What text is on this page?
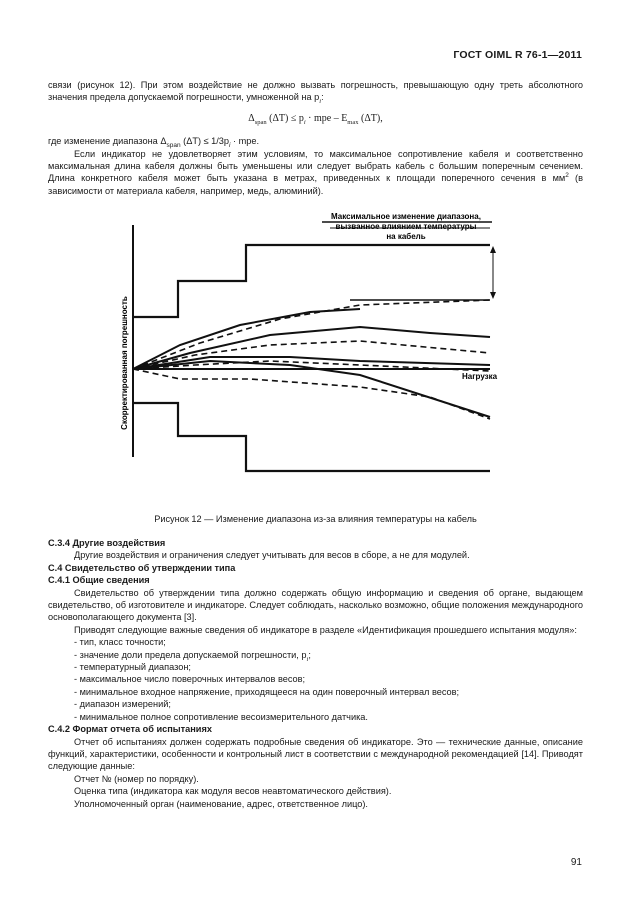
ГОСТ OIML R 76-1—2011

связи (рисунок 12). При этом воздействие не должно вызвать погрешность, превышающую одну треть абсолютного значения предела допускаемой погрешности, умноженной на $p_i$:

$\Delta_{span}$ $(\Delta T) \le p_i$ · mpe – $E_{max}$ (ΔT),

где изменение диапазона $\Delta_{span}$ $(\Delta T) \le 1/3p_i$ · mpe.

Если индикатор не удовлетворяет этим условиям, то максимальное сопротивление кабеля и соответственно максимальная длина кабеля должны быть уменьшены или следует выбрать кабель с большим поперечным сечением. Длина конкретного кабеля может быть указана в метрах, приведенных к площади поперечного сечения в $мм^2$ (в зависимости от материала кабеля, например, медь, алюминий).

Максимальное изменение диапазона,
вызванное влиянием температуры
на кабель
Нагрузка
Скорректированная погрешность
Рисунок 12 — Изменение диапазона из-за влияния температуры на кабель

С.3.4 Другие воздействия

Другие воздействия и ограничения следует учитывать для весов в сборе, а не для модулей.

С.4 Свидетельство об утверждении типа

С.4.1 Общие сведения

Свидетельство об утверждении типа должно содержать общую информацию и сведения об органе, выдающем свидетельство, об изготовителе и индикаторе. Следует соблюдать, насколько возможно, общие положения международного основополагающего документа [3].

Приводят следующие важные сведения об индикаторе в разделе «Идентификация прошедшего испытания модуля»:

- тип, класс точности;

- значение доли предела допускаемой погрешности, $p_i$;

- температурный диапазон;

- максимальное число поверочных интервалов весов;

- минимальное входное напряжение, приходящееся на один поверочный интервал весов;

- диапазон измерений;

- минимальное полное сопротивление весоизмерительного датчика.

С.4.2 Формат отчета об испытаниях

Отчет об испытаниях должен содержать подробные сведения об индикаторе. Это — технические данные, описание функций, характеристики, особенности и контрольный лист в соответствии с международной рекомендацией [14]. Приводят следующие данные:

Отчет № (номер по порядку).

Оценка типа (индикатора как модуля весов неавтоматического действия).

Уполномоченный орган (наименование, адрес, ответственное лицо).

91
